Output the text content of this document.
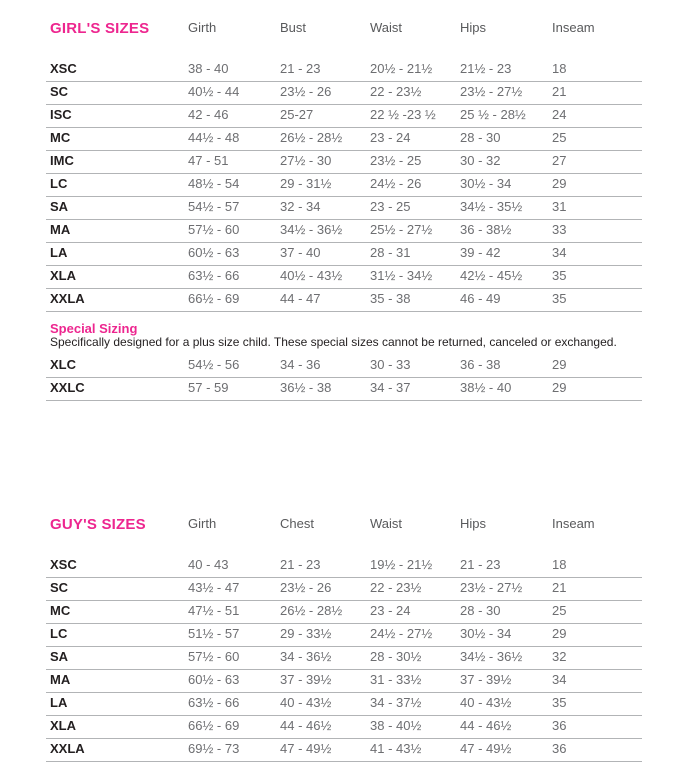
GIRL'S SIZES	Girth	Bust	Waist	Hips	Inseam
XSC	38 - 40	21 - 23	20½ - 21½	21½ - 23	18
SC	40½ - 44	23½ - 26	22 - 23½	23½ - 27½	21
ISC	42 - 46	25-27	22 ½ -23 ½	25 ½ - 28½	24
MC	44½ - 48	26½ - 28½	23 - 24	28 - 30	25
IMC	47 - 51	27½ - 30	23½ - 25	30 - 32	27
LC	48½ - 54	29 - 31½	24½ - 26	30½ - 34	29
SA	54½ - 57	32 - 34	23 - 25	34½ - 35½	31
MA	57½ - 60	34½ - 36½	25½ - 27½	36 - 38½	33
LA	60½ - 63	37 - 40	28 - 31	39 - 42	34
XLA	63½ - 66	40½ - 43½	31½ - 34½	42½ - 45½	35
XXLA	66½ - 69	44 - 47	35 - 38	46 - 49	35
Special Sizing
Specifically designed for a plus size child. These special sizes cannot be returned, canceled or exchanged.
XLC	54½ - 56	34 - 36	30 - 33	36 - 38	29
XXLC	57 - 59	36½ - 38	34 - 37	38½ - 40	29
GUY'S SIZES	Girth	Chest	Waist	Hips	Inseam
XSC	40 - 43	21 - 23	19½ - 21½	21 - 23	18
SC	43½ - 47	23½ - 26	22 - 23½	23½ - 27½	21
MC	47½ - 51	26½ - 28½	23 - 24	28 - 30	25
LC	51½ - 57	29 - 33½	24½ - 27½	30½ - 34	29
SA	57½ - 60	34 - 36½	28 - 30½	34½ - 36½	32
MA	60½ - 63	37 - 39½	31 - 33½	37 - 39½	34
LA	63½ - 66	40 - 43½	34 - 37½	40 - 43½	35
XLA	66½ - 69	44 - 46½	38 - 40½	44 - 46½	36
XXLA	69½ - 73	47 - 49½	41 - 43½	47 - 49½	36
